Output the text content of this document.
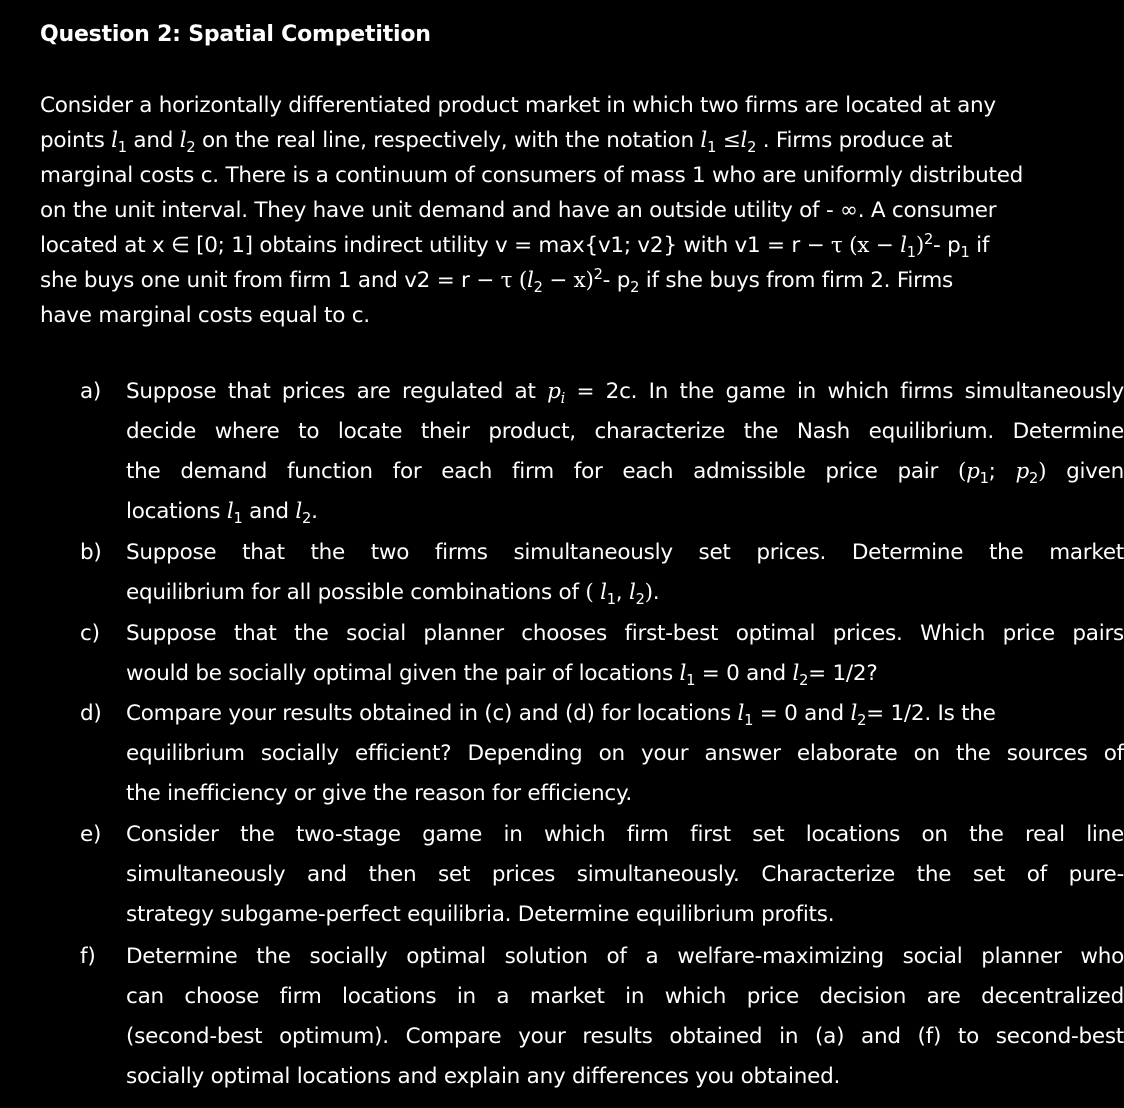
Question 2: Spatial Competition
Consider a horizontally differentiated product market in which two firms are located at any
points $l_1$ and $l_2$ on the real line, respectively, with the notation $l_1 \le l_2$ . Firms produce at
marginal costs c. There is a continuum of consumers of mass 1 who are uniformly distributed
on the unit interval. They have unit demand and have an outside utility of - ∞. A consumer
located at x ∈ [0; 1] obtains indirect utility v = max{v1; v2} with v1 = r − τ $(x - l_1)^2-$ $p_1$ if
she buys one unit from firm 1 and v2 = r − τ $(l_2 - x)^2-$ $p_2$ if she buys from firm 2. Firms
have marginal costs equal to c.
a) Suppose that prices are regulated at $p_i = 2c$. In the game in which firms simultaneously
decide where to locate their product, characterize the Nash equilibrium. Determine
the demand function for each firm for each admissible price pair ($p_1$; $p_2$) given
locations $l_1$ and $l_2$.
b) Suppose that the two firms simultaneously set prices. Determine the market
equilibrium for all possible combinations of ( $l_1$, $l_2$).
c) Suppose that the social planner chooses first-best optimal prices. Which price pairs
would be socially optimal given the pair of locations $l_1 = 0$ and $l_2= 1/2$?
d) Compare your results obtained in (c) and (d) for locations $l_1 = 0$ and $l_2= 1/2$. Is the
equilibrium socially efficient? Depending on your answer elaborate on the sources of
the inefficiency or give the reason for efficiency.
e) Consider the two-stage game in which firm first set locations on the real line
simultaneously and then set prices simultaneously. Characterize the set of pure-
strategy subgame-perfect equilibria. Determine equilibrium profits.
f) Determine the socially optimal solution of a welfare-maximizing social planner who
can choose firm locations in a market in which price decision are decentralized
(second-best optimum). Compare your results obtained in (a) and (f) to second-best
socially optimal locations and explain any differences you obtained.
